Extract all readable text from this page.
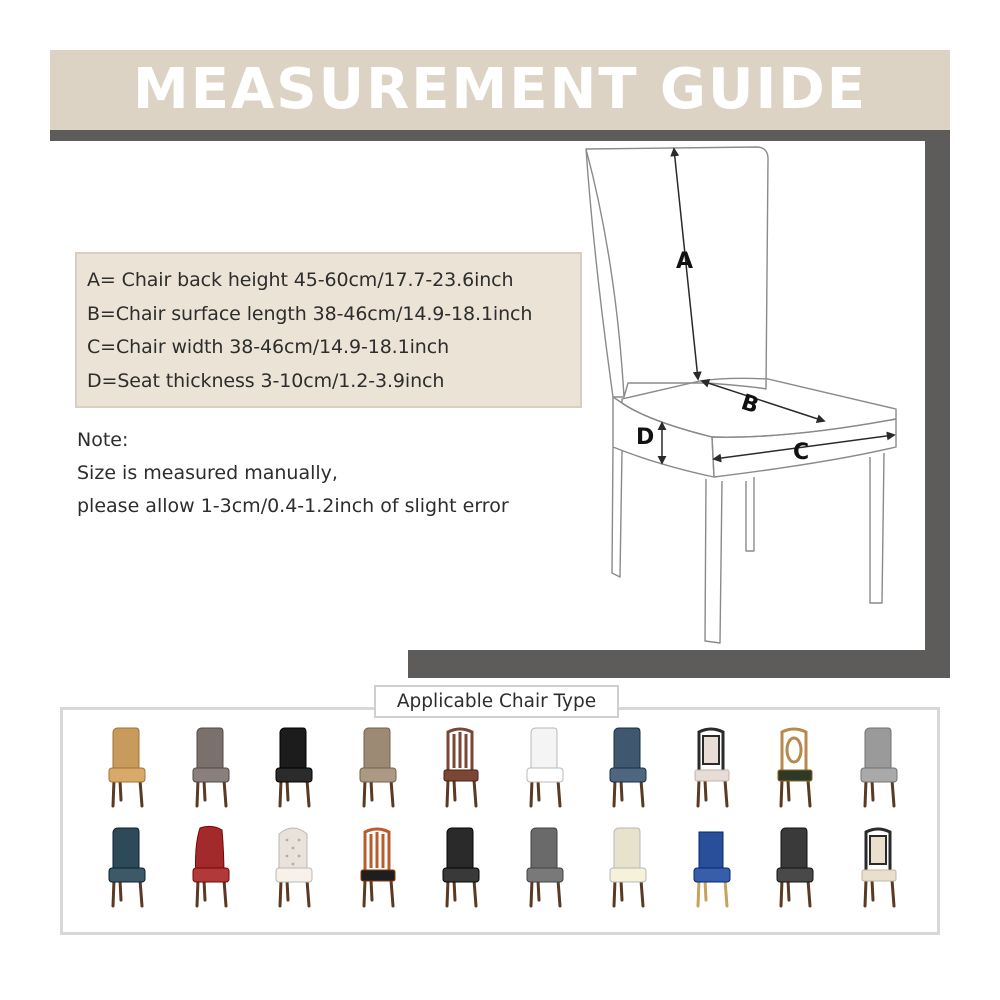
MEASUREMENT GUIDE
A
B
C
D
A= Chair back height 45-60cm/17.7-23.6inch
B=Chair surface length 38-46cm/14.9-18.1inch
C=Chair width 38-46cm/14.9-18.1inch
D=Seat thickness 3-10cm/1.2-3.9inch
Note:
Size is measured manually,
please allow 1-3cm/0.4-1.2inch of slight error
Applicable Chair Type
